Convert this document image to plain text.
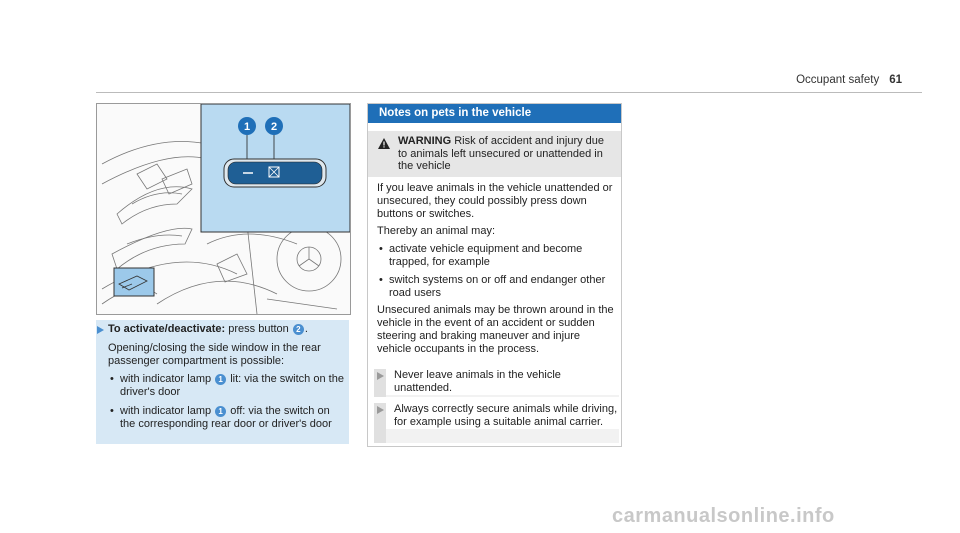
Occupant safety 61
1 2

To activate/deactivate: press button 2 .

Opening/closing the side window in the rear passenger compartment is possible:

• with indicator lamp 1 lit: via the switch on the driver's door

• with indicator lamp 1 off: via the switch on the corresponding rear door or driver's door

Notes on pets in the vehicle
WARNING Risk of accident and injury due to animals left unsecured or unattended in the vehicle

If you leave animals in the vehicle unattended or unsecured, they could possibly press down buttons or switches.

Thereby an animal may:

• activate vehicle equipment and become trapped, for example

• switch systems on or off and endanger other road users

Unsecured animals may be thrown around in the vehicle in the event of an accident or sudden steering and braking maneuver and injure vehicle occupants in the process.

Never leave animals in the vehicle unattended.
Always correctly secure animals while driving, for example using a suitable animal carrier.
carmanualsonline.info
